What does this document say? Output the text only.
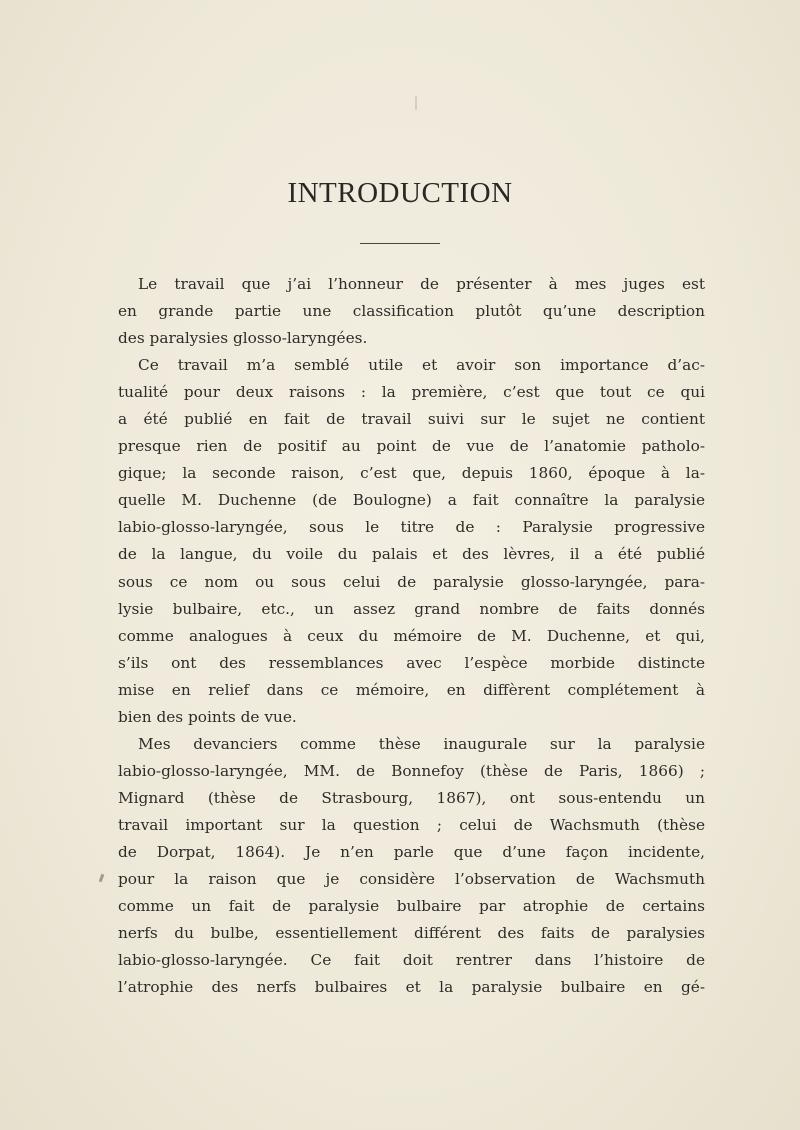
INTRODUCTION
Le travail que j’ai l’honneur de présenter à mes juges est
en grande partie une classification plutôt qu’une description
des paralysies glosso-laryngées.
Ce travail m’a semblé utile et avoir son importance d’ac-
tualité pour deux raisons : la première, c’est que tout ce qui
a été publié en fait de travail suivi sur le sujet ne contient
presque rien de positif au point de vue de l’anatomie patholo-
gique; la seconde raison, c’est que, depuis 1860, époque à la-
quelle M. Duchenne (de Boulogne) a fait connaître la paralysie
labio-glosso-laryngée, sous le titre de : Paralysie progressive
de la langue, du voile du palais et des lèvres, il a été publié
sous ce nom ou sous celui de paralysie glosso-laryngée, para-
lysie bulbaire, etc., un assez grand nombre de faits donnés
comme analogues à ceux du mémoire de M. Duchenne, et qui,
s’ils ont des ressemblances avec l’espèce morbide distincte
mise en relief dans ce mémoire, en diffèrent complétement à
bien des points de vue.
Mes devanciers comme thèse inaugurale sur la paralysie
labio-glosso-laryngée, MM. de Bonnefoy (thèse de Paris, 1866) ;
Mignard (thèse de Strasbourg, 1867), ont sous-entendu un
travail important sur la question ; celui de Wachsmuth (thèse
de Dorpat, 1864). Je n’en parle que d’une façon incidente,
pour la raison que je considère l’observation de Wachsmuth
comme un fait de paralysie bulbaire par atrophie de certains
nerfs du bulbe, essentiellement différent des faits de paralysies
labio-glosso-laryngée. Ce fait doit rentrer dans l’histoire de
l’atrophie des nerfs bulbaires et la paralysie bulbaire en gé-
